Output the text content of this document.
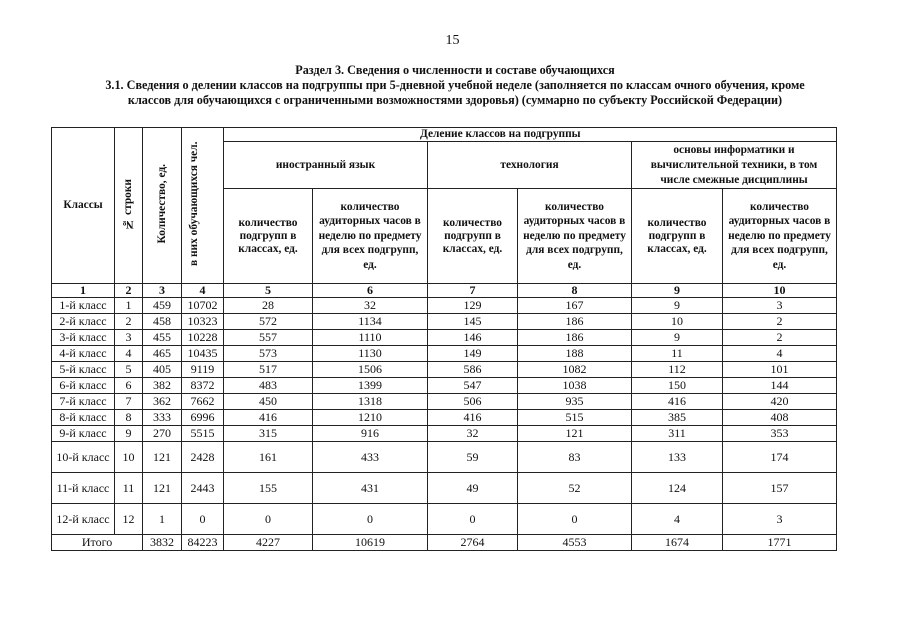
15
Раздел 3. Сведения о численности и составе обучающихся
3.1. Сведения о делении классов на подгруппы при 5-дневной учебной неделе (заполняется по классам очного обучения, кроме
классов для обучающихся с ограниченными возможностями здоровья) (суммарно по субъекту Российской Федерации)
Классы	№ строки	Количество, ед.	в них обучающихся чел.	Деление классов на подгруппы					
				иностранный язык		технология		основы информатики и вычислительной техники, в том числе смежные дисциплины	
				количество подгрупп в классах, ед.	количество аудиторных часов в неделю по предмету для всех подгрупп, ед.	количество подгрупп в классах, ед.	количество аудиторных часов в неделю по предмету для всех подгрупп, ед.	количество подгрупп в классах, ед.	количество аудиторных часов в неделю по предмету для всех подгрупп, ед.
1	2	3	4	5	6	7	8	9	10
1-й класс	1	459	10702	28	32	129	167	9	3
2-й класс	2	458	10323	572	1134	145	186	10	2
3-й класс	3	455	10228	557	1110	146	186	9	2
4-й класс	4	465	10435	573	1130	149	188	11	4
5-й класс	5	405	9119	517	1506	586	1082	112	101
6-й класс	6	382	8372	483	1399	547	1038	150	144
7-й класс	7	362	7662	450	1318	506	935	416	420
8-й класс	8	333	6996	416	1210	416	515	385	408
9-й класс	9	270	5515	315	916	32	121	311	353
10-й класс	10	121	2428	161	433	59	83	133	174
11-й класс	11	121	2443	155	431	49	52	124	157
12-й класс	12	1	0	0	0	0	0	4	3
Итого		3832	84223	4227	10619	2764	4553	1674	1771
